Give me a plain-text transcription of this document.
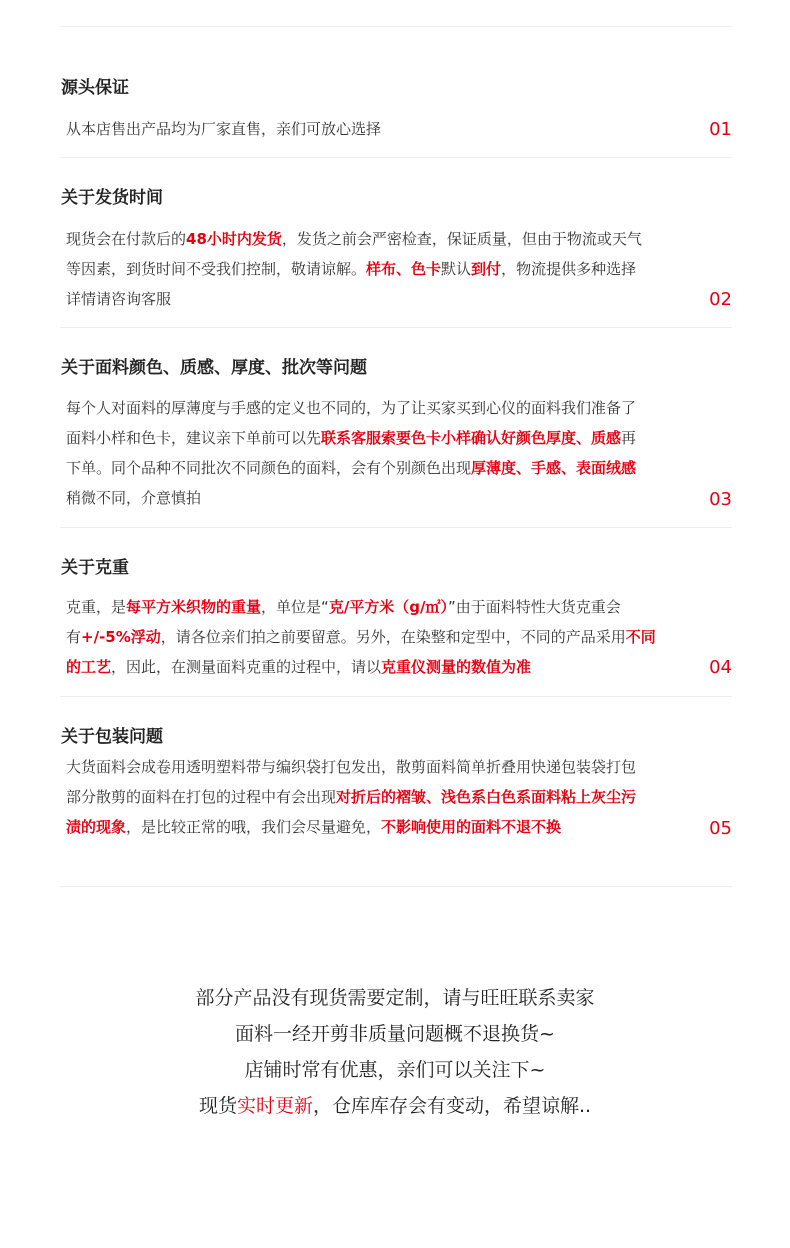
源头保证

从本店售出产品均为厂家直售，亲们可放心选择	01
关于发货时间

现货会在付款后的48小时内发货，发货之前会严密检查，保证质量，但由于物流或天气

等因素，到货时间不受我们控制，敬请谅解。样布、色卡默认到付，物流提供多种选择

详情请咨询客服	02
关于面料颜色、质感、厚度、批次等问题

每个人对面料的厚薄度与手感的定义也不同的，为了让买家买到心仪的面料我们准备了

面料小样和色卡，建议亲下单前可以先联系客服索要色卡小样确认好颜色厚度、质感再

下单。同个品种不同批次不同颜色的面料，会有个别颜色出现厚薄度、手感、表面绒感

稍微不同，介意慎拍	03
关于克重

克重，是每平方米织物的重量，单位是“克/平方米（g/㎡）”由于面料特性大货克重会

有+/-5%浮动，请各位亲们拍之前要留意。另外，在染整和定型中，不同的产品采用不同

的工艺，因此，在测量面料克重的过程中，请以克重仪测量的数值为准	04
关于包装问题

大货面料会成卷用透明塑料带与编织袋打包发出，散剪面料简单折叠用快递包装袋打包

部分散剪的面料在打包的过程中有会出现对折后的褶皱、浅色系白色系面料粘上灰尘污

渍的现象，是比较正常的哦，我们会尽量避免，不影响使用的面料不退不换	05

部分产品没有现货需要定制，请与旺旺联系卖家

面料一经开剪非质量问题概不退换货~

店铺时常有优惠，亲们可以关注下~

现货实时更新，仓库库存会有变动，希望谅解..
